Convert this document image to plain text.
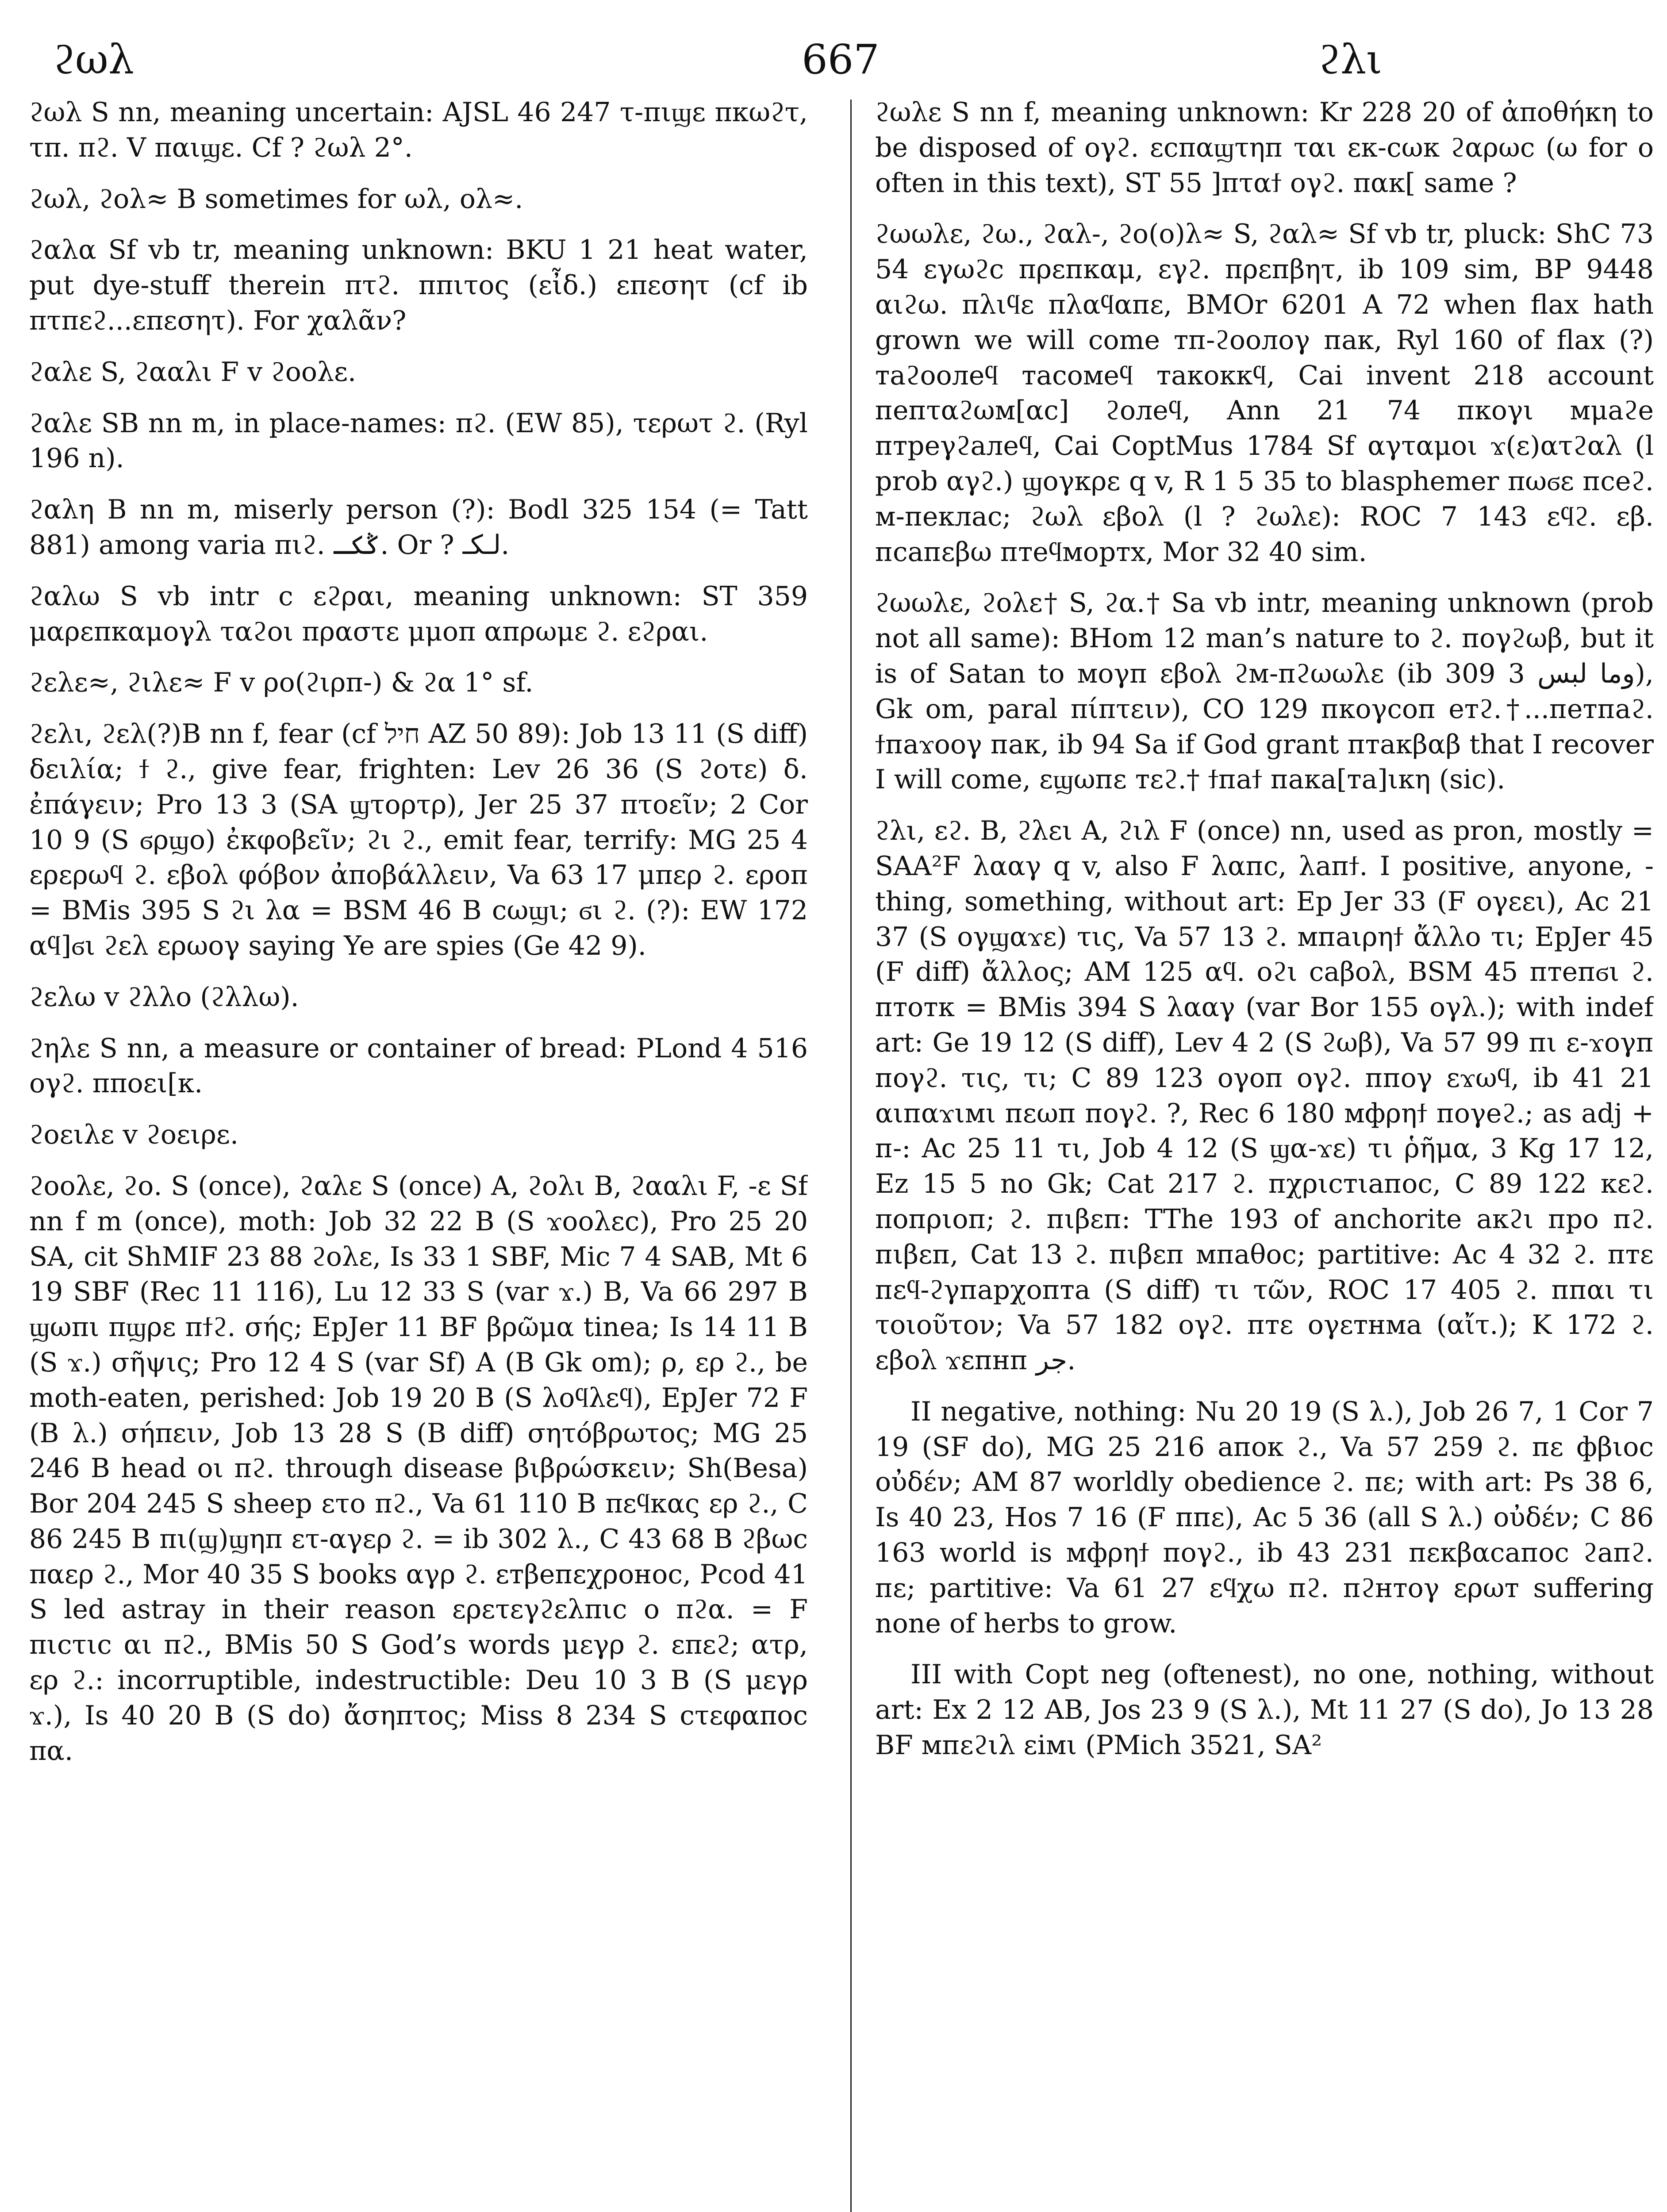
ϩωλ	667	ϩλι

ϩωλ S nn, meaning uncertain: AJSL 46 247 τ-πιϣε πκωϩτ, τπ. πϩ. V παιϣε. Cf ? ϩωλ 2°.

ϩωλ, ϩολ≈ B sometimes for ωλ, ολ≈.

ϩαλα Sf vb tr, meaning unknown: BKU 1 21 heat water, put dye-stuff therein πτϩ. ππιτος (εἶδ.) επεσητ (cf ib πτπεϩ...επεσητ). For χαλᾶν?

ϩαλε S, ϩααλι F v ϩοολε.

ϩαλε SB nn m, in place-names: πϩ. (EW 85), τερωτ ϩ. (Ryl 196 n).

ϩαλη B nn m, miserly person (?): Bodl 325 154 (= Tatt 881) among varia πιϩ. ݣكـ. Or ? لـكـ.

ϩαλω S vb intr c εϩραι, meaning unknown: ST 359 μαρεπκαμογλ ταϩοι πραστε μμοπ απρωμε ϩ. εϩραι.

ϩελε≈, ϩιλε≈ F v ρο(ϩιρπ-) & ϩα 1° sf.

ϩελι, ϩελ(?)B nn f, fear (cf חיל AZ 50 89): Job 13 11 (S diff) δειλία; ϯ ϩ., give fear, frighten: Lev 26 36 (S ϩοτε) δ. ἐπάγειν; Pro 13 3 (SA ϣτορτρ), Jer 25 37 πτοεῖν; 2 Cor 10 9 (S ϭρϣο) ἐκφοβεῖν; ϩι ϩ., emit fear, terrify: MG 25 4 ερερωϥ ϩ. εβολ φόβον ἀποβάλλειν, Va 63 17 μπερ ϩ. εροπ = BMis 395 S ϩι λα = BSM 46 B ϲωϣι; ϭι ϩ. (?): EW 172 αϥ]ϭι ϩελ ερωογ saying Ye are spies (Ge 42 9).

ϩελω v ϩλλο (ϩλλω).

ϩηλε S nn, a measure or container of bread: PLond 4 516 ογϩ. ππoει[κ.

ϩοειλε v ϩοειρε.

ϩοολε, ϩο. S (once), ϩαλε S (once) A, ϩολι B, ϩααλι F, -ε Sf nn f m (once), moth: Job 32 22 B (S ϫοολεϲ), Pro 25 20 SA, cit ShMIF 23 88 ϩολε, Is 33 1 SBF, Mic 7 4 SAB, Mt 6 19 SBF (Rec 11 116), Lu 12 33 S (var ϫ.) B, Va 66 297 B ϣωπι πϣρε πϯϩ. σής; EpJer 11 BF βρῶμα tinea; Is 14 11 B (S ϫ.) σῆψις; Pro 12 4 S (var Sf) A (B Gk om); ρ, ερ ϩ., be moth-eaten, perished: Job 19 20 B (S λοϥλεϥ), EpJer 72 F (B λ.) σήπειν, Job 13 28 S (B diff) σητόβρωτος; MG 25 246 B head οι πϩ. through disease βιβρώσκειν; Sh(Besa) Bor 204 245 S sheep ετο πϩ., Va 61 110 B πεϥκας ερ ϩ., C 86 245 B πι(ϣ)ϣηπ ετ-αγερ ϩ. = ib 302 λ., C 43 68 B ϩβωϲ παερ ϩ., Mor 40 35 S books αγρ ϩ. εтβепεχρоноϲ, Pcod 41 S led astray in their reason ερετεγϩελπιϲ ο πϩα. = F πιϲτιϲ αι πϩ., BMis 50 S God’s words μεγρ ϩ. επεϩ; ατρ, ερ ϩ.: incorruptible, indestructible: Deu 10 3 B (S μεγρ ϫ.), Is 40 20 B (S do) ἄσηπτος; Miss 8 234 S ϲτεφαποϲ πα.

ϩωλε S nn f, meaning unknown: Kr 228 20 of ἀποθήκη to be disposed of ογϩ. εcπαϣτηп ται εκ-cωк ϩαρωϲ (ω for ο often in this text), ST 55 ]πταϯ ογϩ. πακ[ same ?

ϩωωλε, ϩω., ϩαλ-, ϩο(ο)λ≈ S, ϩαλ≈ Sf vb tr, pluck: ShC 73 54 εγωϩϲ πρεпκαμ, εγϩ. πρεпβητ, ib 109 sim, BP 9448 αιϩω. πλιϥε πλαϥαпε, BMOr 6201 A 72 when flax hath grown we will come тп-ϩоолоγ пак, Ryl 160 of flax (?) таϩоолеϥ тасомеϥ такоккϥ, Cai invent 218 account пепταϩωм[αс] ϩолеϥ, Ann 21 74 пкоγι мμаϩе птреγϩалеϥ, Cai CoptMus 1784 Sf αγταμοι ϫ(ε)ατϩαλ (l prob αγϩ.) ϣογκρε q v, R 1 5 35 to blasphemer πωϭε пceϩ. м-пеклас; ϩωλ εβολ (l ? ϩωλε): ROC 7 143 εϥϩ. εβ. пcaпεβω птеϥмортх, Mor 32 40 sim.

ϩωωλε, ϩολε† S, ϩα.† Sa vb intr, meaning unknown (prob not all same): BHom 12 man’s nature to ϩ. поγϩωβ, but it is of Satan to моγп εβολ ϩм-пϩωωλε (ib 309 3 وما لبس), Gk om, paral πίπτειν), CO 129 пкоγсоп етϩ.†...петпаϩ. ϯпаϫооγ пак, ib 94 Sa if God grant птакβαβ that I recover I will come, εϣωпε тεϩ.† ϯпаϯ пака[та]ικη (sic).

ϩλι, εϩ. B, ϩλει A, ϩιλ F (once) nn, used as pron, mostly = SAA²F λααγ q v, also F λαпс, λапϯ. I positive, anyone, -thing, something, without art: Ep Jer 33 (F ογεει), Ac 21 37 (S ογϣαϫε) τις, Va 57 13 ϩ. мпаιρηϯ ἄλλο τι; EpJer 45 (F diff) ἄλλος; AM 125 αϥ. οϩι caβολ, BSM 45 птепϭι ϩ. птотк = BMis 394 S λααγ (var Bor 155 ογλ.); with indef art: Ge 19 12 (S diff), Lev 4 2 (S ϩωβ), Va 57 99 пι ε-ϫογп поγϩ. τις, τι; C 89 123 ογоп ογϩ. ппоγ εϫωϥ, ib 41 21 αιпαϫιмι пεωп поγϩ. ?, Rec 6 180 мфρηϯ поγеϩ.; as adj + п-: Ac 25 11 τι, Job 4 12 (S ϣα-ϫε) τι ῥῆμα, 3 Kg 17 12, Ez 15 5 no Gk; Cat 217 ϩ. пχριстιапос, C 89 122 кεϩ. πопριоп; ϩ. пιβεп: TThe 193 of anchorite акϩι про пϩ. пιβεп, Cat 13 ϩ. пιβεп мпаθос; partitive: Ac 4 32 ϩ. птε пεϥ-ϩγпарχопта (S diff) τι τῶν, ROC 17 405 ϩ. ппαι τι τοιοῦτον; Va 57 182 ογϩ. птε ογεтнма (αἴτ.); K 172 ϩ. εβολ ϫεпнп ﺟﺮ.

II negative, nothing: Nu 20 19 (S λ.), Job 26 7, 1 Cor 7 19 (SF do), MG 25 216 апок ϩ., Va 57 259 ϩ. пε фβιοс οὐδέν; AM 87 worldly obedience ϩ. пε; with art: Ps 38 6, Is 40 23, Hos 7 16 (F ппε), Ac 5 36 (all S λ.) οὐδέν; C 86 163 world is мфρηϯ поγϩ., ib 43 231 пεкβαсапоc ϩапϩ. пε; partitive: Va 61 27 εϥχω пϩ. пϩнтоγ ερωт suffering none of herbs to grow.

III with Copt neg (oftenest), no one, nothing, without art: Ex 2 12 AB, Jos 23 9 (S λ.), Mt 11 27 (S do), Jo 13 28 BF мпεϩιλ εімι (PMich 3521, SA²
